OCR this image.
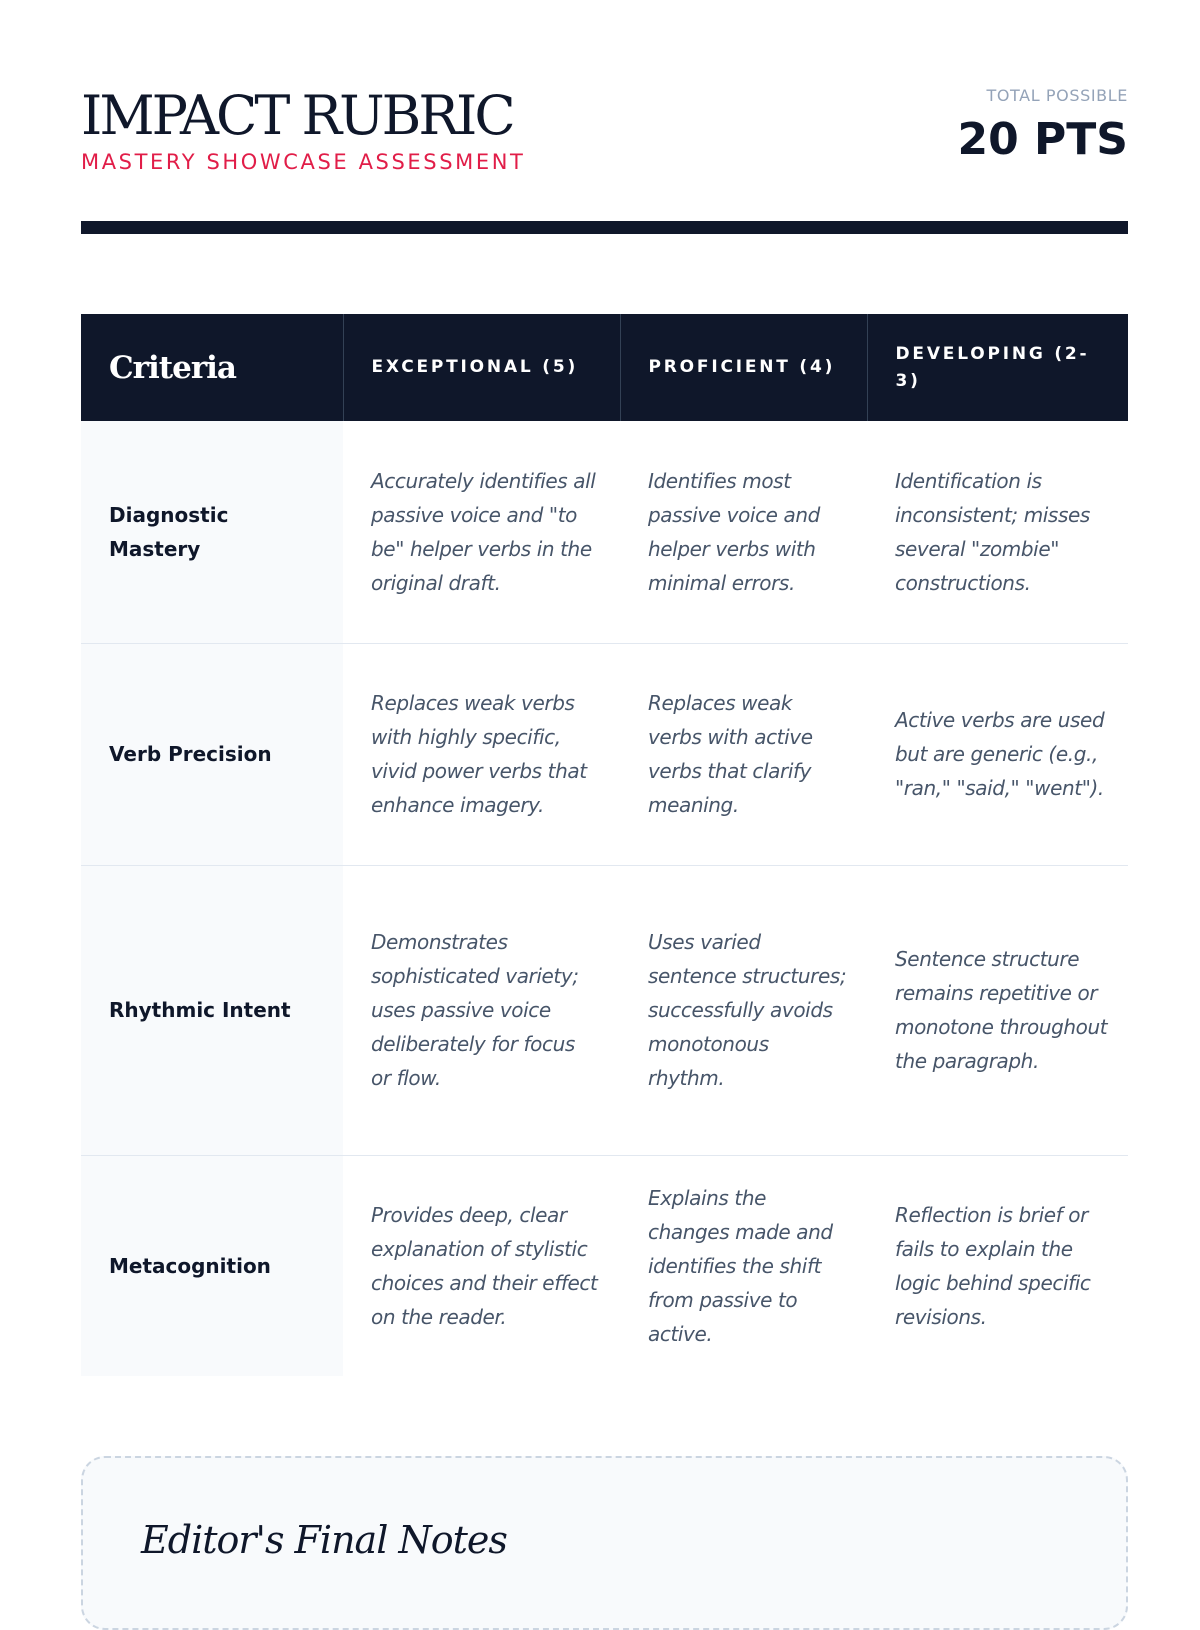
IMPACT RUBRIC
MASTERY SHOWCASE ASSESSMENT
TOTAL POSSIBLE
20 PTS
Criteria	EXCEPTIONAL (5)	PROFICIENT (4)	DEVELOPING (2-3)
Diagnostic Mastery	Accurately identifies all passive voice and "to be" helper verbs in the original draft.	Identifies most passive voice and helper verbs with minimal errors.	Identification is inconsistent; misses several "zombie" constructions.
Verb Precision	Replaces weak verbs with highly specific, vivid power verbs that enhance imagery.	Replaces weak verbs with active verbs that clarify meaning.	Active verbs are used but are generic (e.g., "ran," "said," "went").
Rhythmic Intent	Demonstrates sophisticated variety; uses passive voice deliberately for focus or flow.	Uses varied sentence structures; successfully avoids monotonous rhythm.	Sentence structure remains repetitive or monotone throughout the paragraph.
Metacognition	Provides deep, clear explanation of stylistic choices and their effect on the reader.	Explains the changes made and identifies the shift from passive to active.	Reflection is brief or fails to explain the logic behind specific revisions.
Editor's Final Notes
